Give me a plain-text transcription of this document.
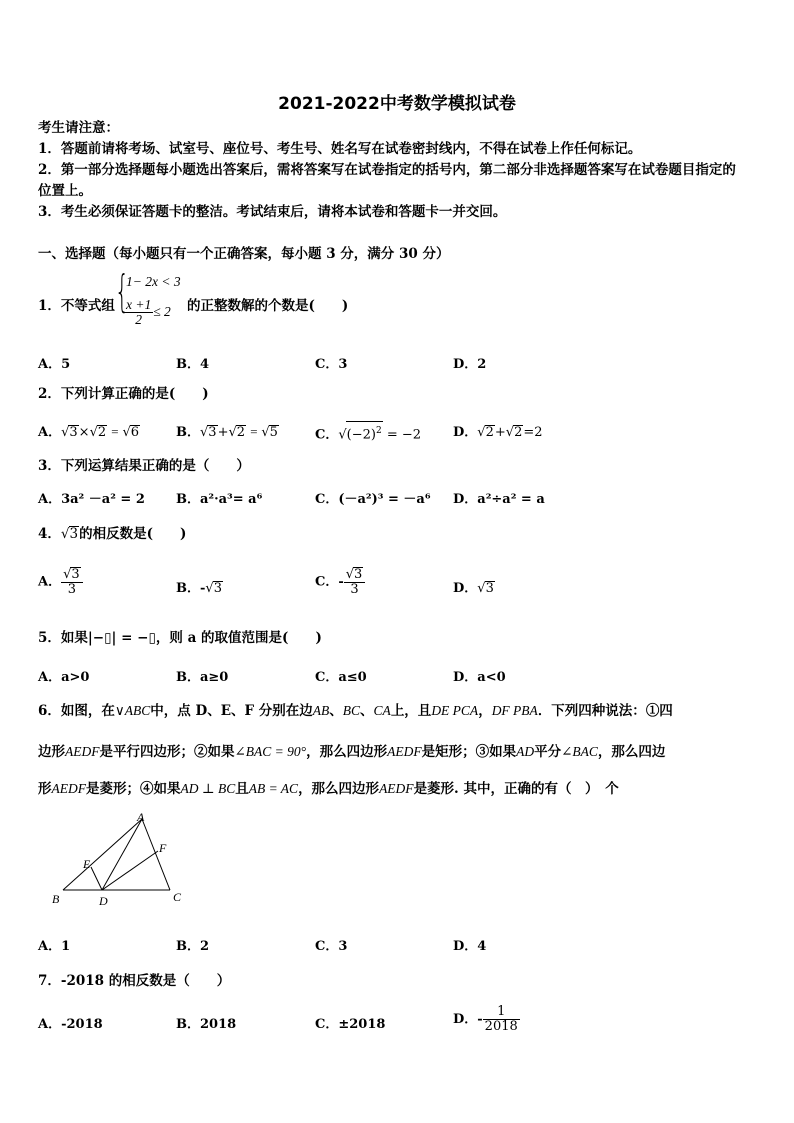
2021-2022中考数学模拟试卷
考生请注意：
1．答题前请将考场、试室号、座位号、考生号、姓名写在试卷密封线内，不得在试卷上作任何标记。
2．第一部分选择题每小题选出答案后，需将答案写在试卷指定的括号内，第二部分非选择题答案写在试卷题目指定的
位置上。
3．考生必须保证答题卡的整洁。考试结束后，请将本试卷和答题卡一并交回。
一、选择题（每小题只有一个正确答案，每小题 3 分，满分 30 分）
1．不等式组 {
1− 2x < 3
$\frac{x +1}{2} \le 2$ 的正整数解的个数是(　　)
A．5	B．4	C．3	D．2
2．下列计算正确的是(　　)
A．√3×√2 = √6	B．√3+√2 = √5	C．$√(-2)^2 = -2$ D．√2+√2=2
3．下列运算结果正确的是（　　）
A．3a² －a² = 2 B．a²·a³= a⁶	C．(－a²)³ = －a⁶ D．a²÷a² = a
4．√3的相反数是(　　)
A． $\frac{√3}{3}$	B．-√3	C．- $\frac{√3}{3}$	D．√3
5．如果|−▯| = −▯，则 a 的取值范围是(　　)
A．a>0	B．a≥0	C．a≤0	D．a<0
6．如图，在∨ABC中，点 D、E、F 分别在边AB、BC、CA上，且DE PCA，DF PBA．下列四种说法：①四
边形AEDF是平行四边形；②如果∠BAC = 90°，那么四边形AEDF是矩形；③如果AD平分∠BAC，那么四边
形AEDF是菱形；④如果AD ⊥ BC且AB = AC，那么四边形AEDF是菱形. 其中，正确的有（　）　个
A
E
F
B	D	C
A．1	B．2	C．3	D．4
7．-2018 的相反数是（　　）
A．-2018	B．2018	C．±2018	D．- $\frac{1}{2018}$
